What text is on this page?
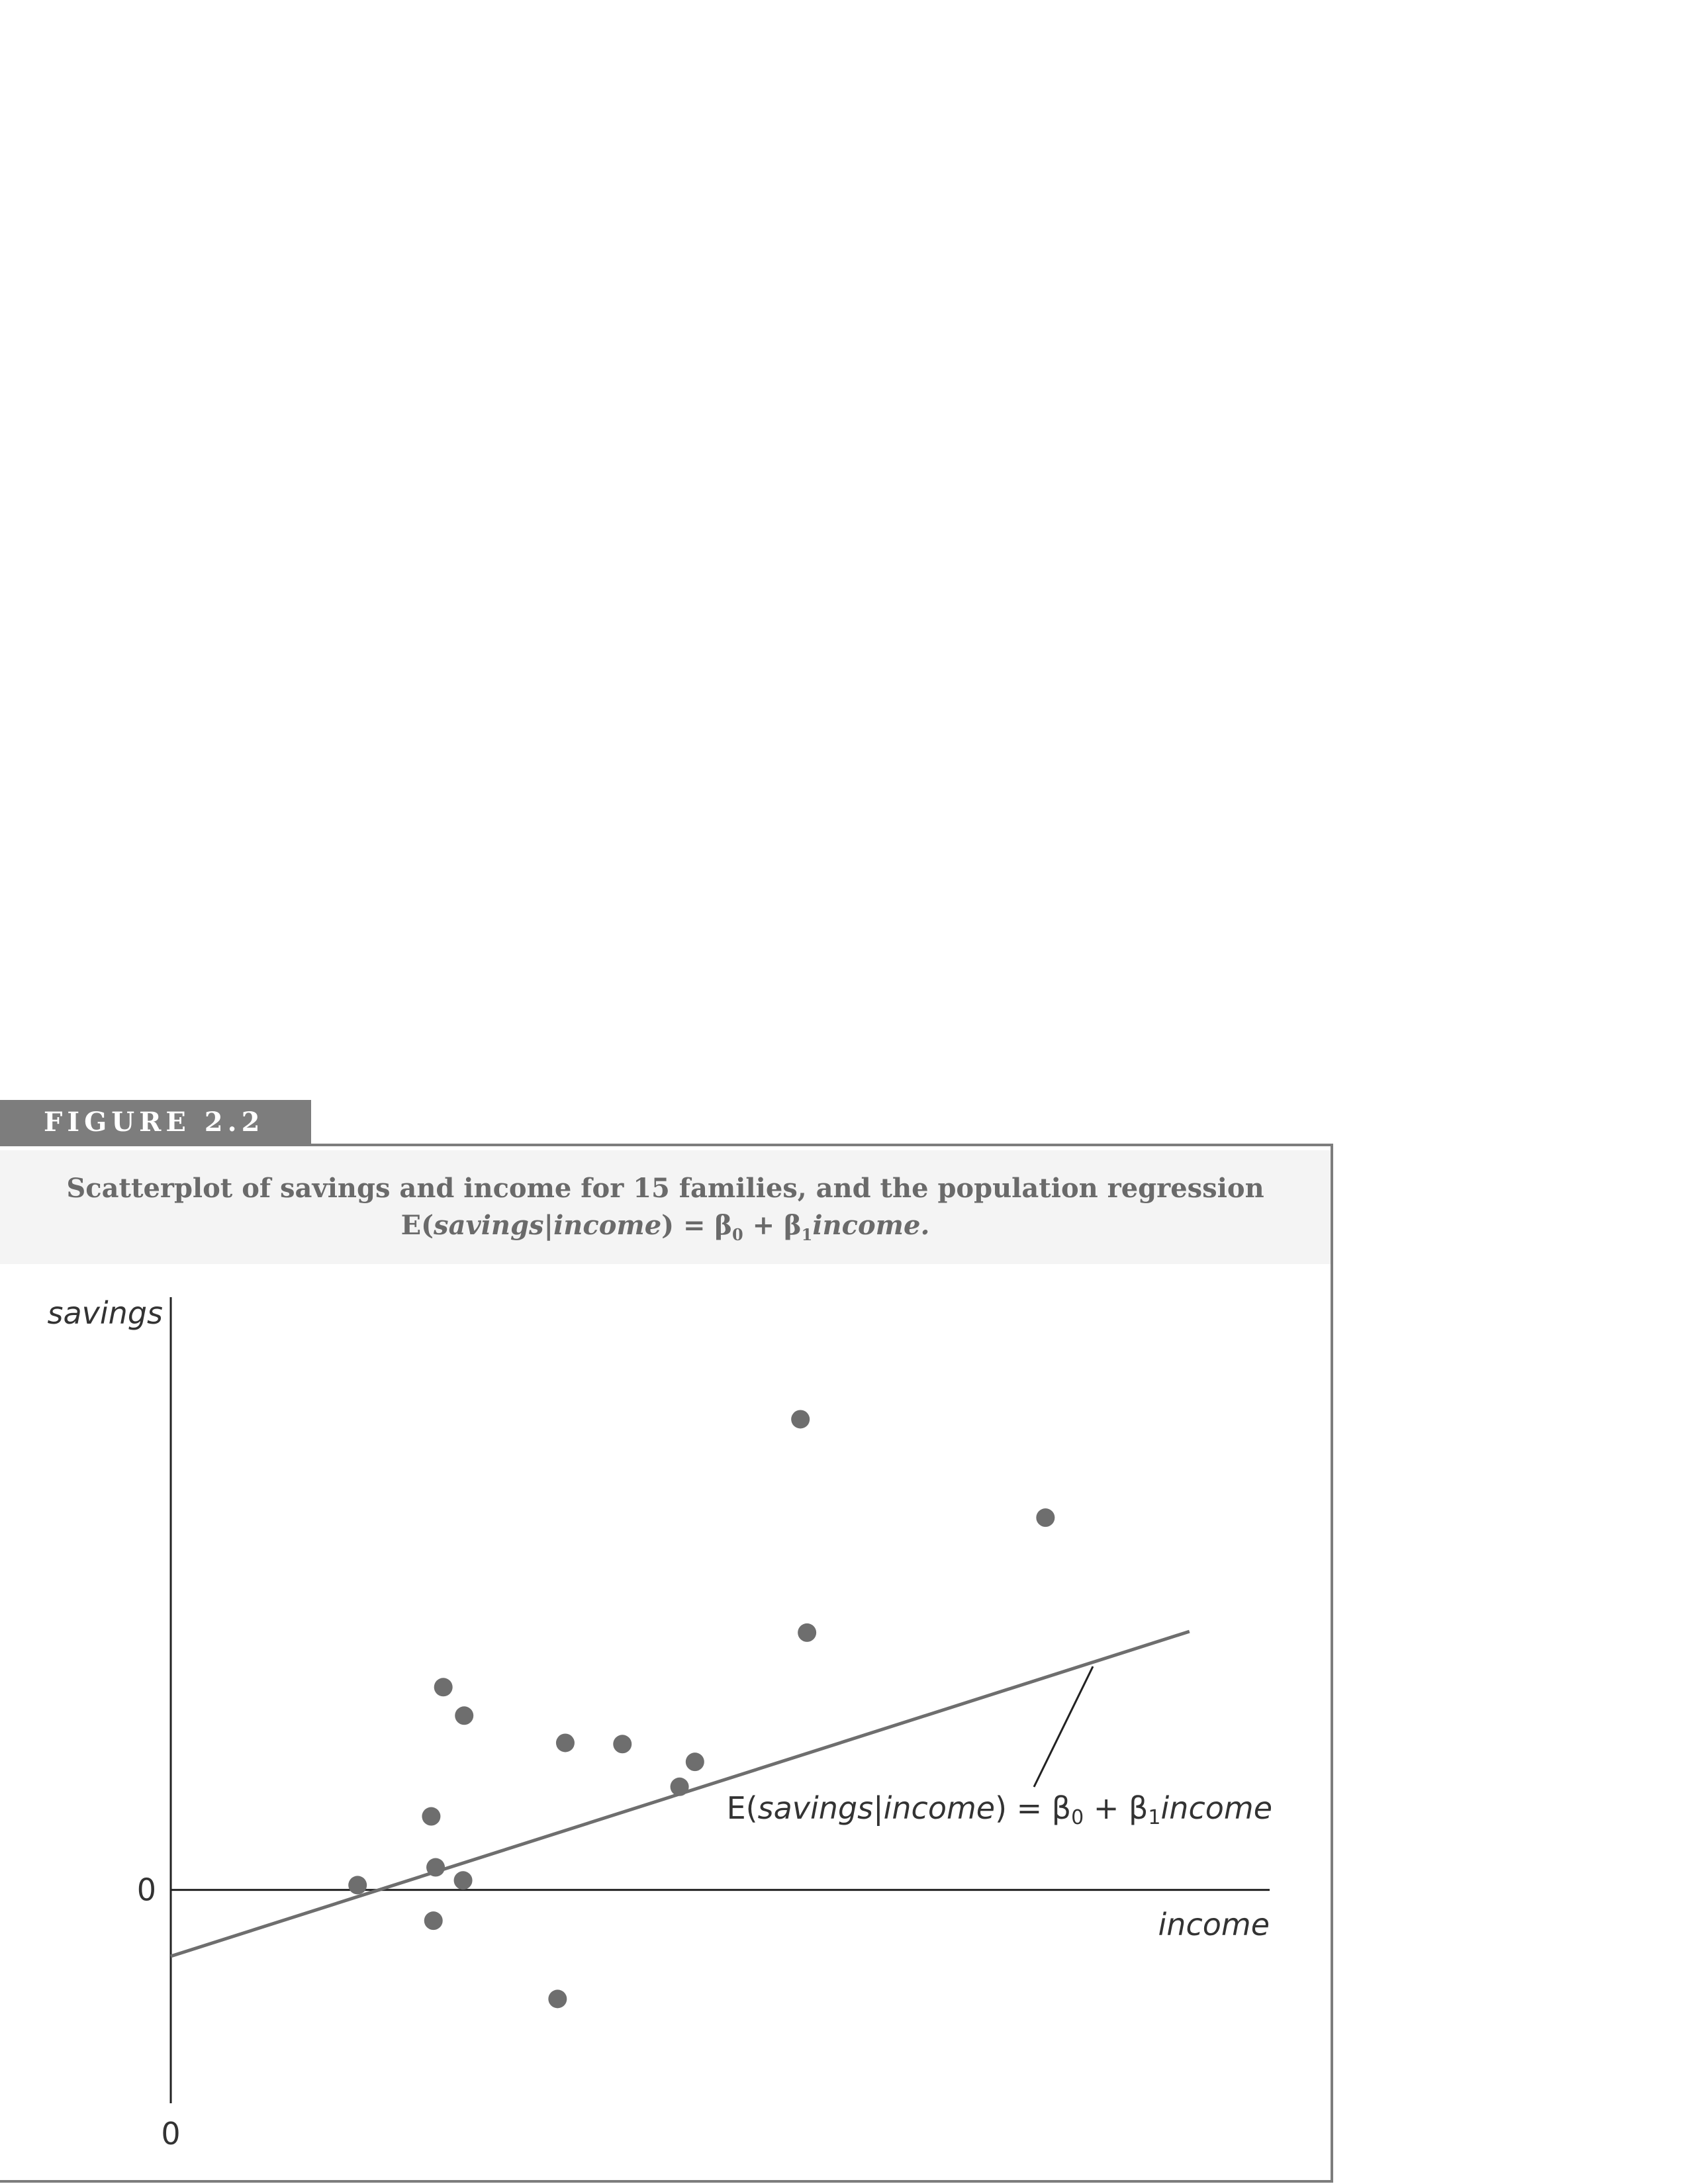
FIGURE 2.2
Scatterplot of savings and income for 15 families, and the population regression
E(savings|income) = $\beta_0$ + $\beta_1income$.
savings
income
0
0
E(savings|income) = β0 + β1income
